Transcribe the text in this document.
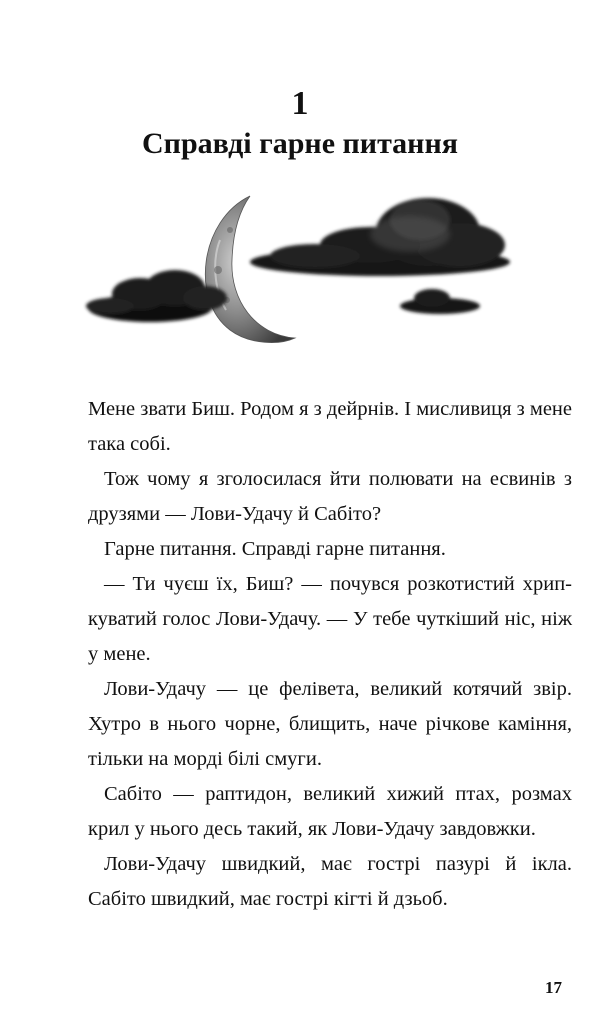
1
Справді гарне питання

Мене звати Биш. Родом я з дейрнів. І мисливиця з мене така собі.

Тож чому я зголосилася йти полювати на есвинів з друзями — Лови-Удачу й Сабіто?

Гарне питання. Справді гарне питання.

— Ти чуєш їх, Биш? — почувся розкотистий хрипкуватий голос Лови-Удачу. — У тебе чуткіший ніс, ніж у мене.

Лови-Удачу — це фелівета, великий котячий звір. Хутро в нього чорне, блищить, наче річкове каміння, тільки на морді білі смуги.

Сабіто — раптидон, великий хижий птах, розмах крил у нього десь такий, як Лови-Удачу завдовжки.

Лови-Удачу швидкий, має гострі пазурі й ікла. Сабіто швидкий, має гострі кігті й дзьоб.

17
